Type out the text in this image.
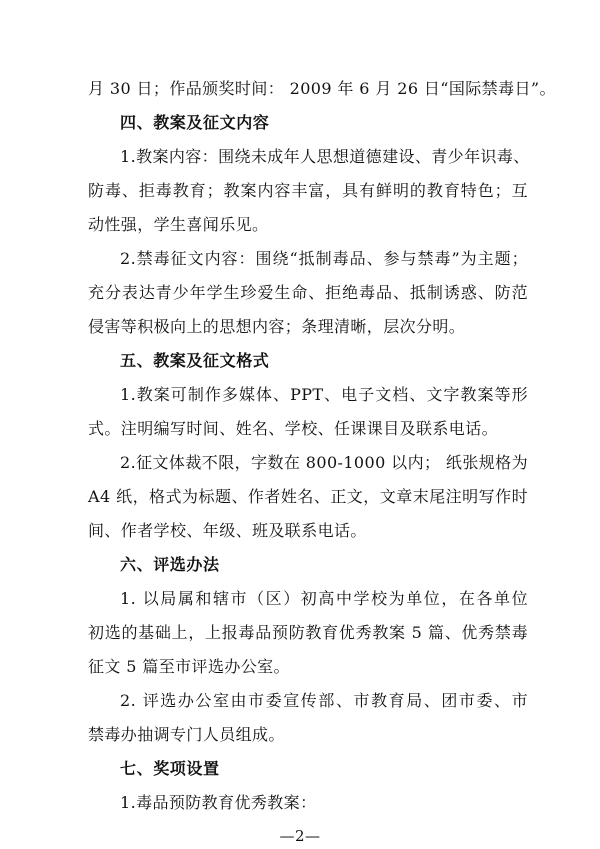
月 30 日；作品颁奖时间： 2009 年 6 月 26 日“国际禁毒日”。
四、教案及征文内容
1.教案内容：围绕未成年人思想道德建设、青少年识毒、
防毒、拒毒教育；教案内容丰富，具有鲜明的教育特色；互
动性强，学生喜闻乐见。
2.禁毒征文内容：围绕“抵制毒品、参与禁毒”为主题；
充分表达青少年学生珍爱生命、拒绝毒品、抵制诱惑、防范
侵害等积极向上的思想内容；条理清晰，层次分明。
五、教案及征文格式
1.教案可制作多媒体、PPT、电子文档、文字教案等形
式。注明编写时间、姓名、学校、任课课目及联系电话。
2.征文体裁不限，字数在 800-1000 以内； 纸张规格为
A4 纸，格式为标题、作者姓名、正文，文章末尾注明写作时
间、作者学校、年级、班及联系电话。
六、评选办法
1. 以局属和辖市（区）初高中学校为单位，在各单位
初选的基础上，上报毒品预防教育优秀教案 5 篇、优秀禁毒
征文 5 篇至市评选办公室。
2. 评选办公室由市委宣传部、市教育局、团市委、市
禁毒办抽调专门人员组成。
七、奖项设置
1.毒品预防教育优秀教案：
—2—
